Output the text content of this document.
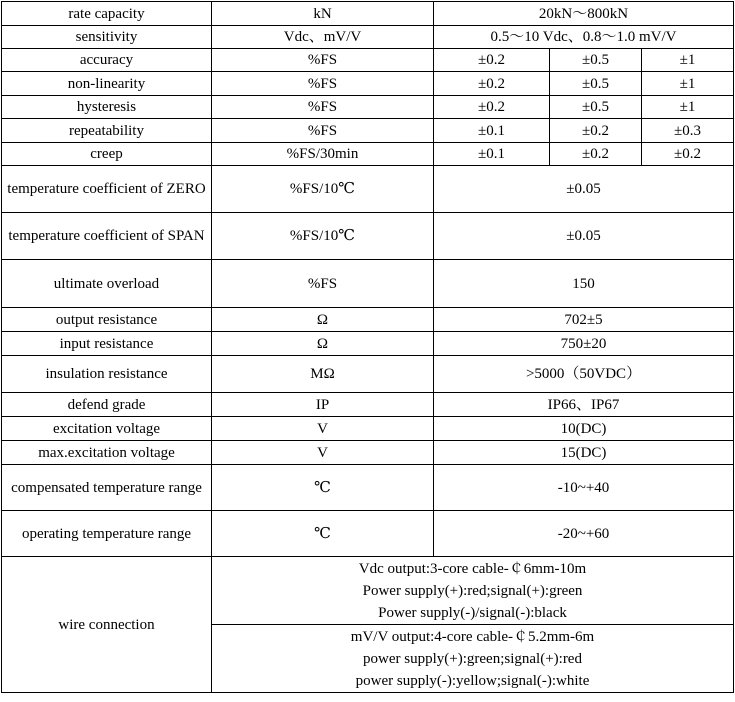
rate capacity	kN	20kN～800kN		
sensitivity	Vdc、mV/V	0.5～10 Vdc、0.8～1.0 mV/V		
accuracy	%FS	±0.2	±0.5	±1
non-linearity	%FS	±0.2	±0.5	±1
hysteresis	%FS	±0.2	±0.5	±1
repeatability	%FS	±0.1	±0.2	±0.3
creep	%FS/30min	±0.1	±0.2	±0.2
temperature coefficient of ZERO	%FS/10℃	±0.05		
temperature coefficient of SPAN	%FS/10℃	±0.05		
ultimate overload	%FS	150		
output resistance	Ω	702±5		
input resistance	Ω	750±20		
insulation resistance	MΩ	>5000（50VDC）		
defend grade	IP	IP66、IP67		
excitation voltage	V	10(DC)		
max.excitation voltage	V	15(DC)		
compensated temperature range	℃	-10~+40		
operating temperature range	℃	-20~+60		
wire connection	Vdc output:3-core cable-￠6mm-10m
Power supply(+):red;signal(+):green
Power supply(-)/signal(-):black			

	mV/V output:4-core cable-￠5.2mm-6m
power supply(+):green;signal(+):red
power supply(-):yellow;signal(-):white			
